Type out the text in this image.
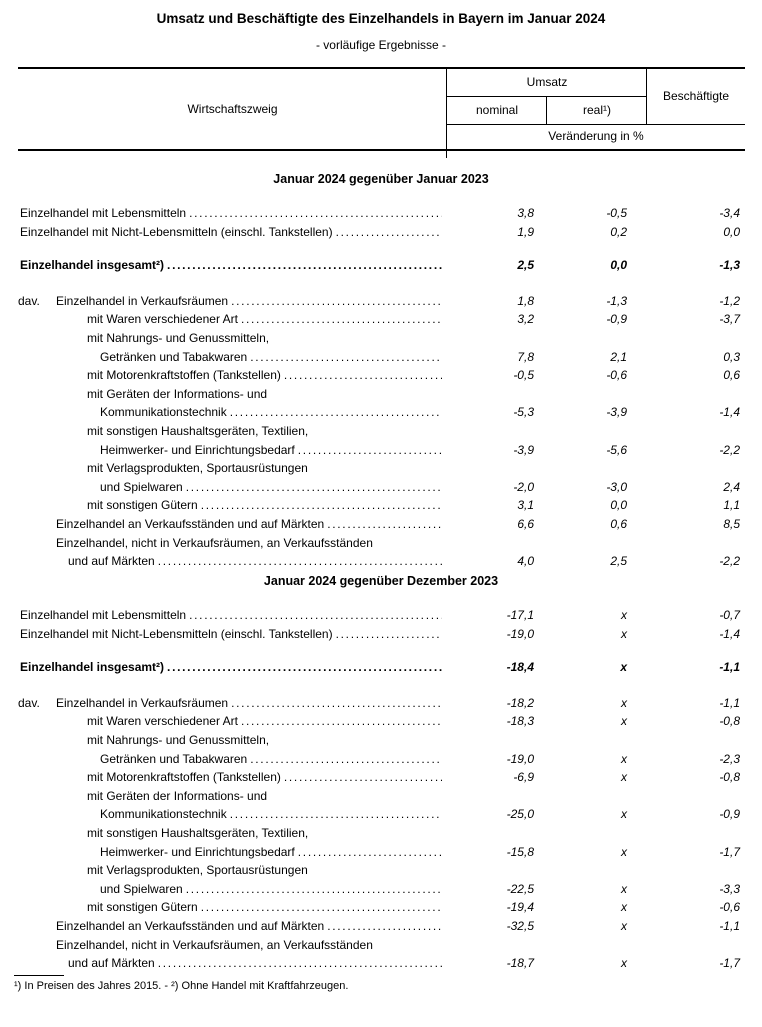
Umsatz und Beschäftigte des Einzelhandels in Bayern im Januar 2024
- vorläufige Ergebnisse -
Wirtschaftszweig
Umsatz
Beschäftigte
nominal	real¹)
Veränderung in %
Januar 2024 gegenüber Januar 2023
Einzelhandel mit Lebensmitteln .....	3,8	-0,5	-3,4
Einzelhandel mit Nicht-Lebensmitteln (einschl. Tankstellen) .....	1,9	0,2	0,0
Einzelhandel insgesamt²) .....	2,5	0,0	-1,3
dav. Einzelhandel in Verkaufsräumen .....	1,8	-1,3	-1,2
mit Waren verschiedener Art .....	3,2	-0,9	-3,7
mit Nahrungs- und Genussmitteln,
Getränken und Tabakwaren .....	7,8	2,1	0,3
mit Motorenkraftstoffen (Tankstellen) .....	-0,5	-0,6	0,6
mit Geräten der Informations- und
Kommunikationstechnik .....	-5,3	-3,9	-1,4
mit sonstigen Haushaltsgeräten, Textilien,
Heimwerker- und Einrichtungsbedarf .....	-3,9	-5,6	-2,2
mit Verlagsprodukten, Sportausrüstungen
und Spielwaren .....	-2,0	-3,0	2,4
mit sonstigen Gütern .....	3,1	0,0	1,1
Einzelhandel an Verkaufsständen und auf Märkten .....	6,6	0,6	8,5
Einzelhandel, nicht in Verkaufsräumen, an Verkaufsständen
und auf Märkten .....	4,0	2,5	-2,2
Januar 2024 gegenüber Dezember 2023
Einzelhandel mit Lebensmitteln .....	-17,1	x	-0,7
Einzelhandel mit Nicht-Lebensmitteln (einschl. Tankstellen) .....	-19,0	x	-1,4
Einzelhandel insgesamt²) .....	-18,4	x	-1,1
dav. Einzelhandel in Verkaufsräumen .....	-18,2	x	-1,1
mit Waren verschiedener Art .....	-18,3	x	-0,8
mit Nahrungs- und Genussmitteln,
Getränken und Tabakwaren .....	-19,0	x	-2,3
mit Motorenkraftstoffen (Tankstellen) .....	-6,9	x	-0,8
mit Geräten der Informations- und
Kommunikationstechnik .....	-25,0	x	-0,9
mit sonstigen Haushaltsgeräten, Textilien,
Heimwerker- und Einrichtungsbedarf .....	-15,8	x	-1,7
mit Verlagsprodukten, Sportausrüstungen
und Spielwaren .....	-22,5	x	-3,3
mit sonstigen Gütern .....	-19,4	x	-0,6
Einzelhandel an Verkaufsständen und auf Märkten .....	-32,5	x	-1,1
Einzelhandel, nicht in Verkaufsräumen, an Verkaufsständen
und auf Märkten .....	-18,7	x	-1,7
¹) In Preisen des Jahres 2015. - ²) Ohne Handel mit Kraftfahrzeugen.
